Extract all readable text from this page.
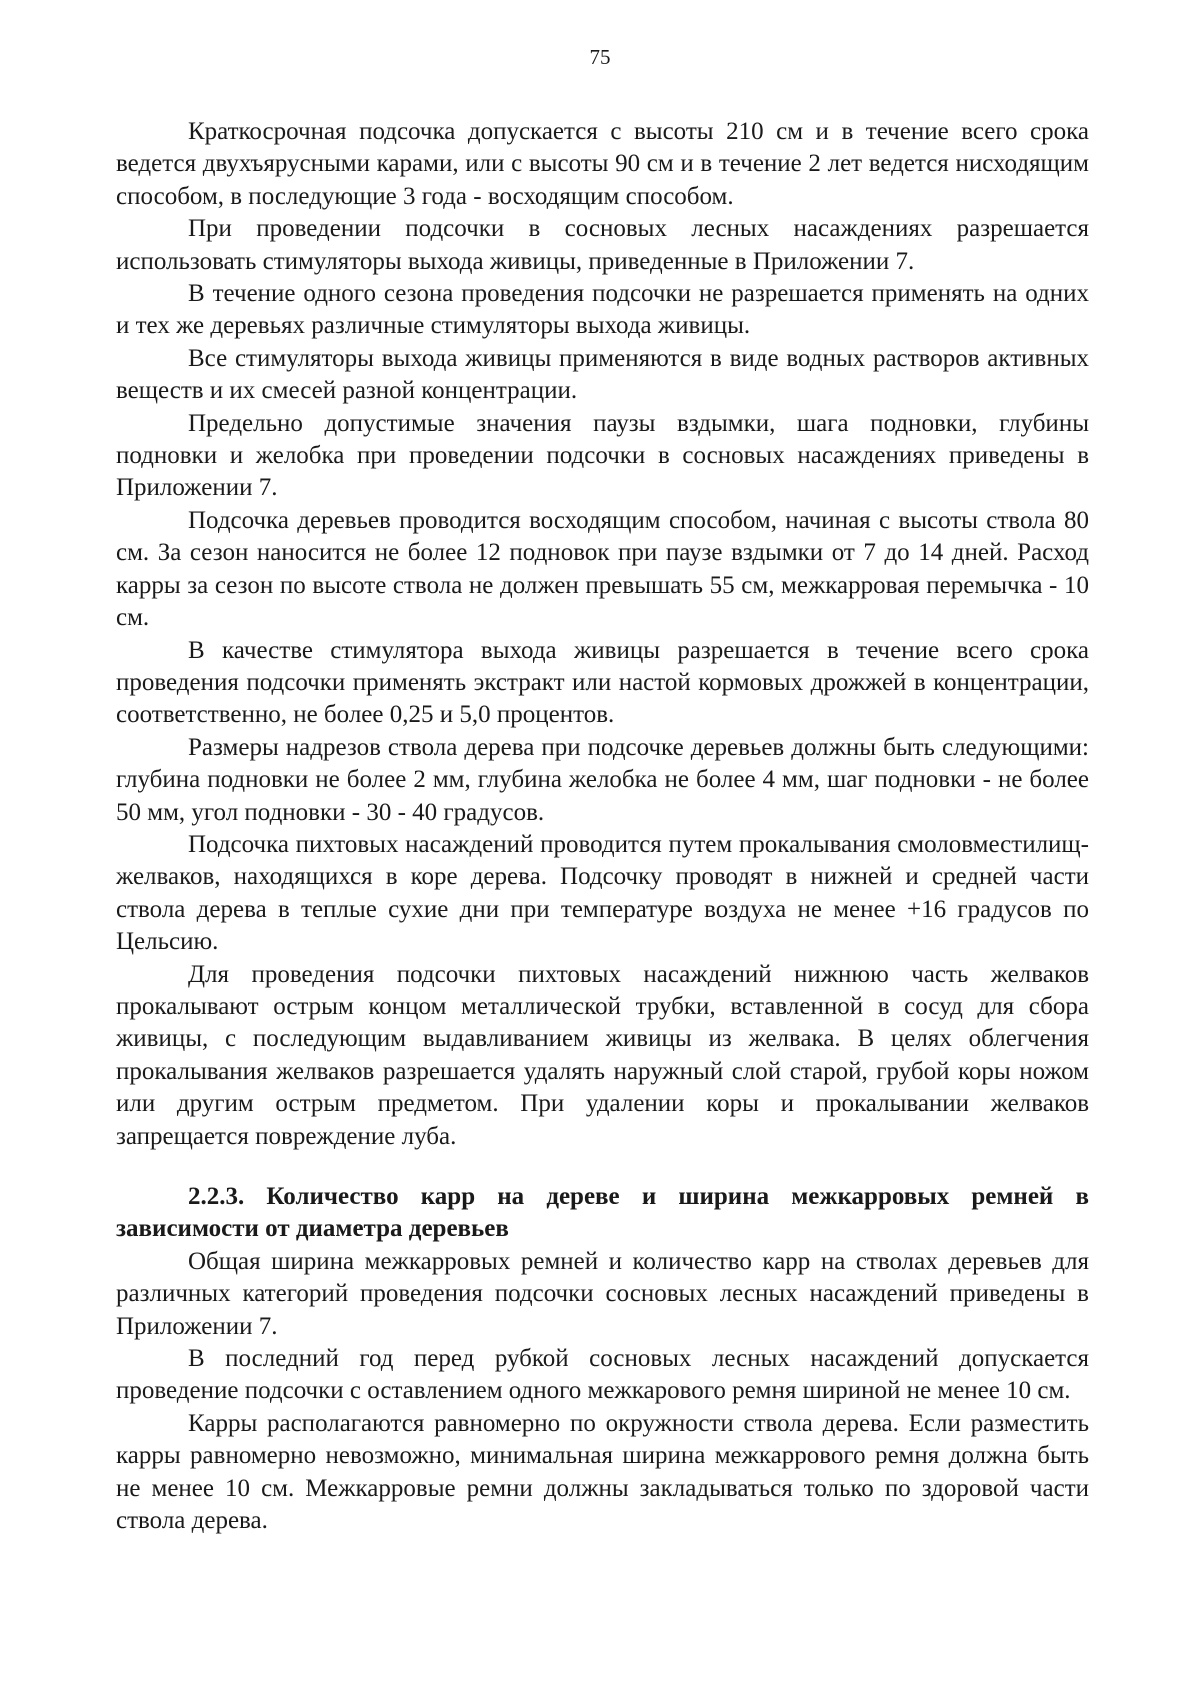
75

Краткосрочная подсочка допускается с высоты 210 см и в течение всего срока ведется двухъярусными карами, или с высоты 90 см и в течение 2 лет ведется нисходящим способом, в последующие 3 года - восходящим способом.

При проведении подсочки в сосновых лесных насаждениях разрешается использовать стимуляторы выхода живицы, приведенные в Приложении 7.

В течение одного сезона проведения подсочки не разрешается применять на одних и тех же деревьях различные стимуляторы выхода живицы.

Все стимуляторы выхода живицы применяются в виде водных растворов активных веществ и их смесей разной концентрации.

Предельно допустимые значения паузы вздымки, шага подновки, глубины подновки и желобка при проведении подсочки в сосновых насаждениях приведены в Приложении 7.

Подсочка деревьев проводится восходящим способом, начиная с высоты ствола 80 см. За сезон наносится не более 12 подновок при паузе вздымки от 7 до 14 дней. Расход карры за сезон по высоте ствола не должен превышать 55 см, межкарровая перемычка - 10 см.

В качестве стимулятора выхода живицы разрешается в течение всего срока проведения подсочки применять экстракт или настой кормовых дрожжей в концентрации, соответственно, не более 0,25 и 5,0 процентов.

Размеры надрезов ствола дерева при подсочке деревьев должны быть следующими: глубина подновки не более 2 мм, глубина желобка не более 4 мм, шаг подновки - не более 50 мм, угол подновки - 30 - 40 градусов.

Подсочка пихтовых насаждений проводится путем прокалывания смоловместилищ-желваков, находящихся в коре дерева. Подсочку проводят в нижней и средней части ствола дерева в теплые сухие дни при температуре воздуха не менее +16 градусов по Цельсию.

Для проведения подсочки пихтовых насаждений нижнюю часть желваков прокалывают острым концом металлической трубки, вставленной в сосуд для сбора живицы, с последующим выдавливанием живицы из желвака. В целях облегчения прокалывания желваков разрешается удалять наружный слой старой, грубой коры ножом или другим острым предметом. При удалении коры и прокалывании желваков запрещается повреждение луба.

2.2.3. Количество карр на дереве и ширина межкарровых ремней в зависимости от диаметра деревьев

Общая ширина межкарровых ремней и количество карр на стволах деревьев для различных категорий проведения подсочки сосновых лесных насаждений приведены в Приложении 7.

В последний год перед рубкой сосновых лесных насаждений допускается проведение подсочки с оставлением одного межкарового ремня шириной не менее 10 см.

Карры располагаются равномерно по окружности ствола дерева. Если разместить карры равномерно невозможно, минимальная ширина межкаррового ремня должна быть не менее 10 см. Межкарровые ремни должны закладываться только по здоровой части ствола дерева.
